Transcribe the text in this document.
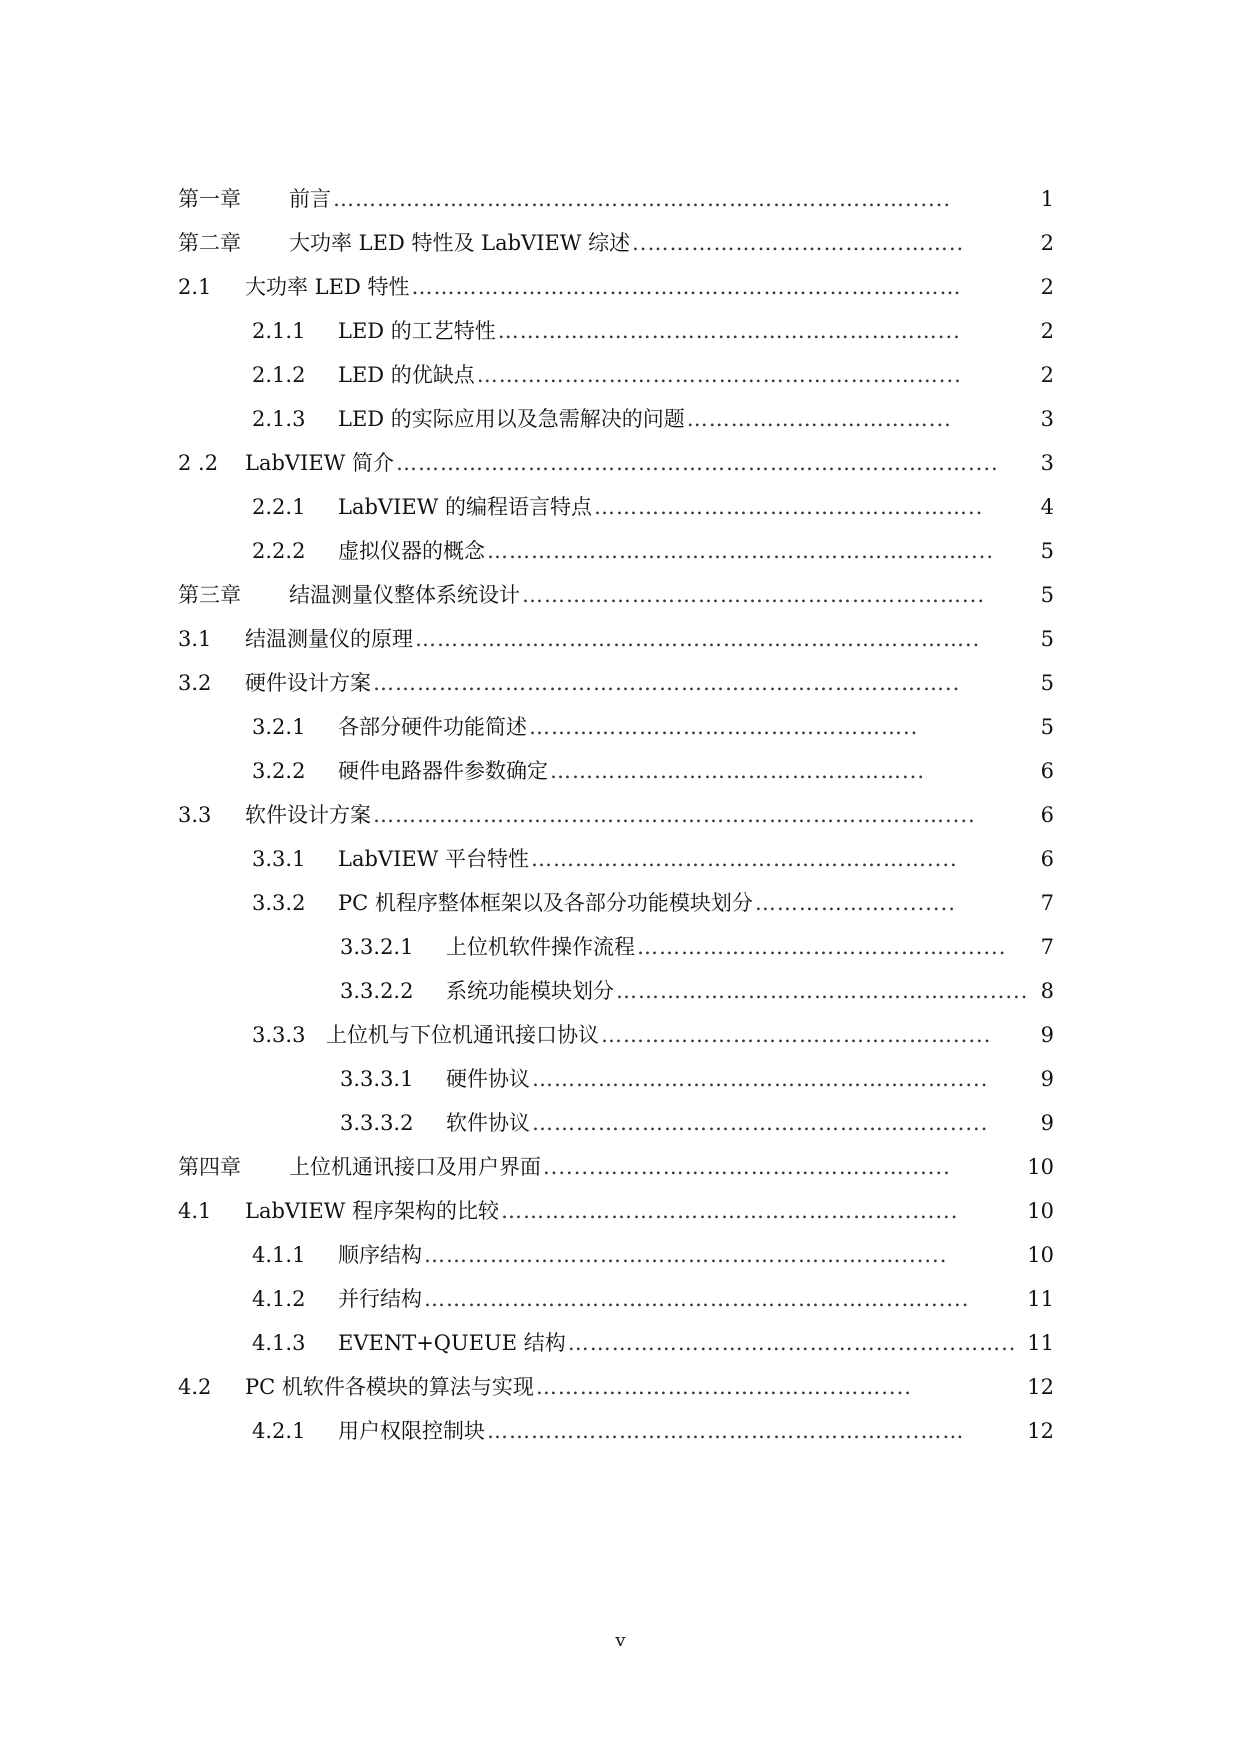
第一章 前言 ……………………………………………………………………......	1
第二章 大功率 LED 特性及 LabVIEW 综述 ..……………………………..……..	2
2.1 大功率 LED 特性 …………………………………………………………………	2
2.1.1 LED 的工艺特性 ……………………………………………………...	2
2.1.2 LED 的优缺点 ………………………………………………………...	2
2.1.3 LED 的实际应用以及急需解决的问题 ……………………………...	3
2 .2 LabVIEW 简介 ……………………………………………………………………....	3
2.2.1 LabVIEW 的编程语言特点 ……………………………………………..	4
2.2.2 虚拟仪器的概念 …………………………………………………………...	5
第三章 结温测量仪整体系统设计 ……………………………………………………...	5
3.1 结温测量仪的原理 …………………………………………………………………..	5
3.2 硬件设计方案 ……………………………………………………………………..	5
3.2.1 各部分硬件功能简述 ……………………………………………..	5
3.2.2 硬件电路器件参数确定 …………………………………………...	6
3.3 软件设计方案 ……………………………………………………………………....	6
3.3.1 LabVIEW 平台特性 ………………………………………………....	6
3.3.2 PC 机程序整体框架以及各部分功能模块划分 ……………….........	7
3.3.2.1 上位机软件操作流程 ……………………………………........	7
3.3.2.2 系统功能模块划分 ……………………………………………..... 8
3.3.3 上位机与下位机通讯接口协议 ………………………………………….....	9
3.3.3.1 硬件协议 ………………………………………………….....	9
3.3.3.2 软件协议 ………………………………………………….....	9
第四章 上位机通讯接口及用户界面 .......……………………………………......	10
4.1 LabVIEW 程序架构的比较 ………………………………………………........	10
4.1.1 顺序结构 ……………………………………………………..…......	10
4.1.2 并行结构 ………………………………………………………..…......	11
4.1.3 EVENT+QUEUE 结构 ……………………………………………..…….. 11
4.2 PC 机软件各模块的算法与实现 …………………………………..……....	12
4.2.1 用户权限控制块 …………………………………………………..……	12
v
